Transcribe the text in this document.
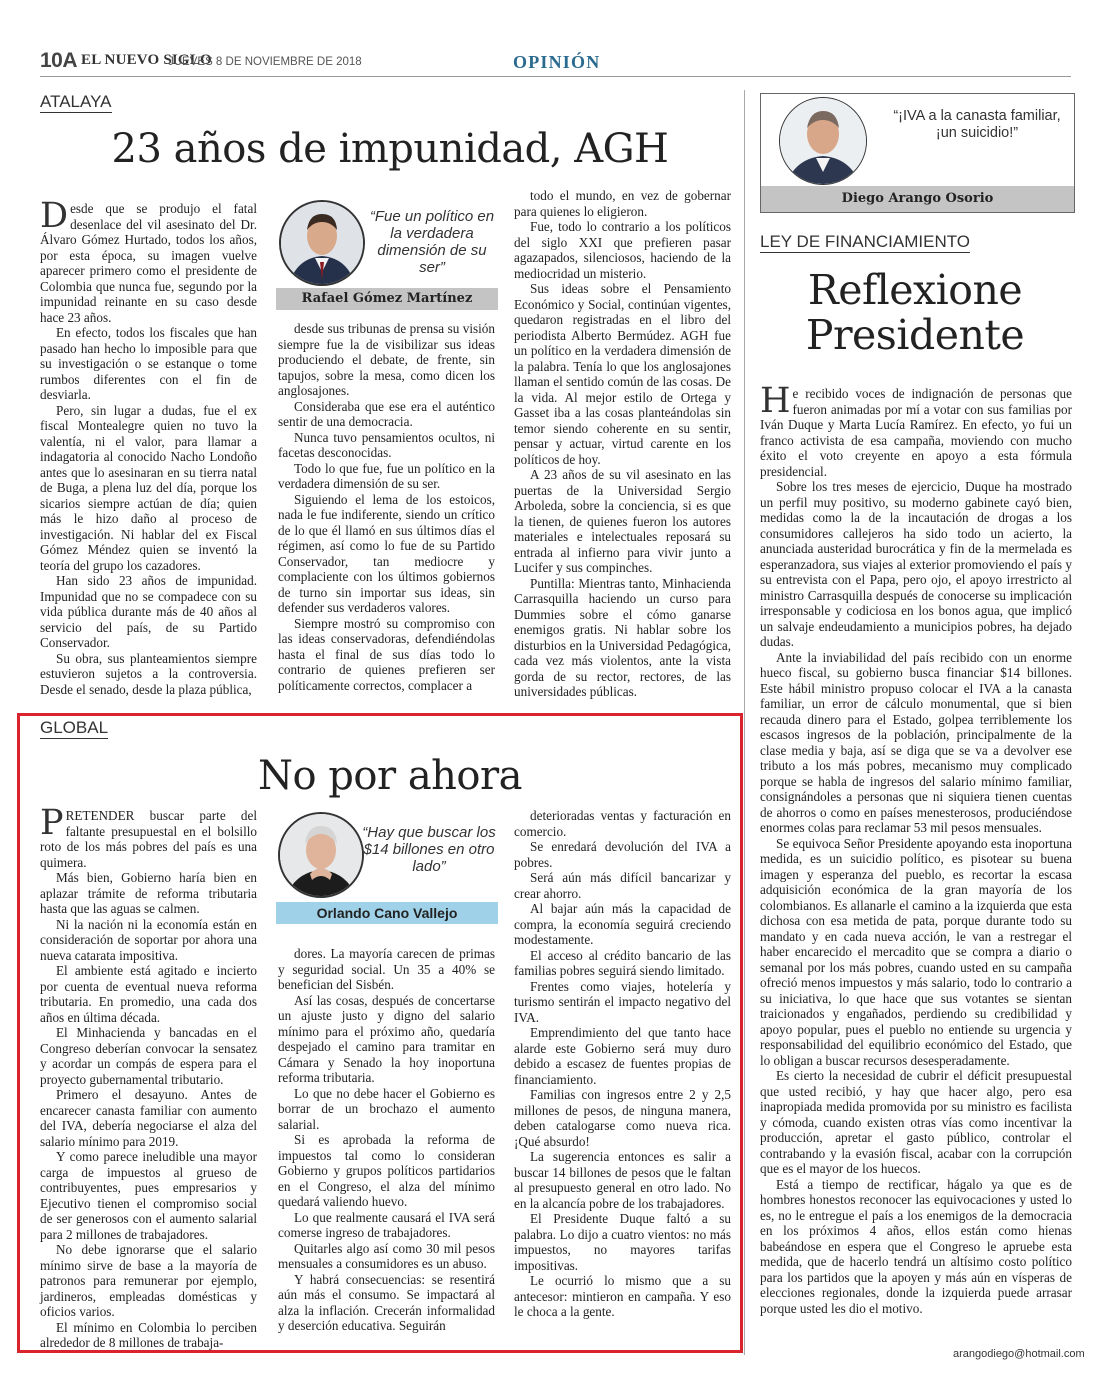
10A EL NUEVO SIGLO
JUEVES 8 DE NOVIEMBRE DE 2018	OPINIÓN
ATALAYA
23 años de impunidad, AGH

Desde que se produjo el fatal desenlace del vil asesinato del Dr. Álvaro Gómez Hurtado, todos los años, por esta época, su imagen vuelve aparecer primero como el presidente de Colombia que nunca fue, segundo por la impunidad reinante en su caso desde hace 23 años.

En efecto, todos los fiscales que han pasado han hecho lo imposible para que su investigación o se estanque o tome rumbos diferentes con el fin de desviarla.

Pero, sin lugar a dudas, fue el ex fiscal Montealegre quien no tuvo la valentía, ni el valor, para llamar a indagatoria al conocido Nacho Londoño antes que lo asesinaran en su tierra natal de Buga, a plena luz del día, porque los sicarios siempre actúan de día; quien más le hizo daño al proceso de investigación. Ni hablar del ex Fiscal Gómez Méndez quien se inventó la teoría del grupo los cazadores.

Han sido 23 años de impunidad. Impunidad que no se compadece con su vida pública durante más de 40 años al servicio del país, de su Partido Conservador.

Su obra, sus planteamientos siempre estuvieron sujetos a la controversia. Desde el senado, desde la plaza pública,

“Fue un político en la verdadera dimensión de su ser”
Rafael Gómez Martínez

desde sus tribunas de prensa su visión siempre fue la de visibilizar sus ideas produciendo el debate, de frente, sin tapujos, sobre la mesa, como dicen los anglosajones.

Consideraba que ese era el auténtico sentir de una democracia.

Nunca tuvo pensamientos ocultos, ni facetas desconocidas.

Todo lo que fue, fue un político en la verdadera dimensión de su ser.

Siguiendo el lema de los estoicos, nada le fue indiferente, siendo un crítico de lo que él llamó en sus últimos días el régimen, así como lo fue de su Partido Conservador, tan mediocre y complaciente con los últimos gobiernos de turno sin importar sus ideas, sin defender sus verdaderos valores.

Siempre mostró su compromiso con las ideas conservadoras, defendiéndolas hasta el final de sus días todo lo contrario de quienes prefieren ser políticamente correctos, complacer a

todo el mundo, en vez de gobernar para quienes lo eligieron.

Fue, todo lo contrario a los políticos del siglo XXI que prefieren pasar agazapados, silenciosos, haciendo de la mediocridad un misterio.

Sus ideas sobre el Pensamiento Económico y Social, continúan vigentes, quedaron registradas en el libro del periodista Alberto Bermúdez. AGH fue un político en la verdadera dimensión de la palabra. Tenía lo que los anglosajones llaman el sentido común de las cosas. De la vida. Al mejor estilo de Ortega y Gasset iba a las cosas planteándolas sin temor siendo coherente en su sentir, pensar y actuar, virtud carente en los políticos de hoy.

A 23 años de su vil asesinato en las puertas de la Universidad Sergio Arboleda, sobre la conciencia, si es que la tienen, de quienes fueron los autores materiales e intelectuales reposará su entrada al infierno para vivir junto a Lucifer y sus compinches.

Puntilla: Mientras tanto, Minhacienda Carrasquilla haciendo un curso para Dummies sobre el cómo ganarse enemigos gratis. Ni hablar sobre los disturbios en la Universidad Pedagógica, cada vez más violentos, ante la vista gorda de su rector, rectores, de las universidades públicas.

“¡IVA a la canasta familiar, ¡un suicidio!”
Diego Arango Osorio
LEY DE FINANCIAMIENTO
Reflexione
Presidente

He recibido voces de indignación de personas que fueron animadas por mí a votar con sus familias por Iván Duque y Marta Lucía Ramírez. En efecto, yo fui un franco activista de esa campaña, moviendo con mucho éxito el voto creyente en apoyo a esta fórmula presidencial.

Sobre los tres meses de ejercicio, Duque ha mostrado un perfil muy positivo, su moderno gabinete cayó bien, medidas como la de la incautación de drogas a los consumidores callejeros ha sido todo un acierto, la anunciada austeridad burocrática y fin de la mermelada es esperanzadora, sus viajes al exterior promoviendo el país y su entrevista con el Papa, pero ojo, el apoyo irrestricto al ministro Carrasquilla después de conocerse su implicación irresponsable y codiciosa en los bonos agua, que implicó un salvaje endeudamiento a municipios pobres, ha dejado dudas.

Ante la inviabilidad del país recibido con un enorme hueco fiscal, su gobierno busca financiar $14 billones. Este hábil ministro propuso colocar el IVA a la canasta familiar, un error de cálculo monumental, que si bien recauda dinero para el Estado, golpea terriblemente los escasos ingresos de la población, principalmente de la clase media y baja, así se diga que se va a devolver ese tributo a los más pobres, mecanismo muy complicado porque se habla de ingresos del salario mínimo familiar, consignándoles a personas que ni siquiera tienen cuentas de ahorros o como en países menesterosos, produciéndose enormes colas para reclamar 53 mil pesos mensuales.

Se equivoca Señor Presidente apoyando esta inoportuna medida, es un suicidio político, es pisotear su buena imagen y esperanza del pueblo, es recortar la escasa adquisición económica de la gran mayoría de los colombianos. Es allanarle el camino a la izquierda que esta dichosa con esa metida de pata, porque durante todo su mandato y en cada nueva acción, le van a restregar el haber encarecido el mercadito que se compra a diario o semanal por los más pobres, cuando usted en su campaña ofreció menos impuestos y más salario, todo lo contrario a su iniciativa, lo que hace que sus votantes se sientan traicionados y engañados, perdiendo su credibilidad y apoyo popular, pues el pueblo no entiende su urgencia y responsabilidad del equilibrio económico del Estado, que lo obligan a buscar recursos desesperadamente.

Es cierto la necesidad de cubrir el déficit presupuestal que usted recibió, y hay que hacer algo, pero esa inapropiada medida promovida por su ministro es facilista y cómoda, cuando existen otras vías como incentivar la producción, apretar el gasto público, controlar el contrabando y la evasión fiscal, acabar con la corrupción que es el mayor de los huecos.

Está a tiempo de rectificar, hágalo ya que es de hombres honestos reconocer las equivocaciones y usted lo es, no le entregue el país a los enemigos de la democracia en los próximos 4 años, ellos están como hienas babeándose en espera que el Congreso le apruebe esta medida, que de hacerlo tendrá un altísimo costo político para los partidos que la apoyen y más aún en vísperas de elecciones regionales, donde la izquierda puede arrasar porque usted les dio el motivo.

arangodiego@hotmail.com
GLOBAL
No por ahora

PRETENDER buscar parte del faltante presupuestal en el bolsillo roto de los más pobres del país es una quimera.

Más bien, Gobierno haría bien en aplazar trámite de reforma tributaria hasta que las aguas se calmen.

Ni la nación ni la economía están en consideración de soportar por ahora una nueva catarata impositiva.

El ambiente está agitado e incierto por cuenta de eventual nueva reforma tributaria. En promedio, una cada dos años en última década.

El Minhacienda y bancadas en el Congreso deberían convocar la sensatez y acordar un compás de espera para el proyecto gubernamental tributario.

Primero el desayuno. Antes de encarecer canasta familiar con aumento del IVA, debería negociarse el alza del salario mínimo para 2019.

Y como parece ineludible una mayor carga de impuestos al grueso de contribuyentes, pues empresarios y Ejecutivo tienen el compromiso social de ser generosos con el aumento salarial para 2 millones de trabajadores.

No debe ignorarse que el salario mínimo sirve de base a la mayoría de patronos para remunerar por ejemplo, jardineros, empleadas domésticas y oficios varios.

El mínimo en Colombia lo perciben alrededor de 8 millones de trabaja-

“Hay que buscar los $14 billones en otro lado”
Orlando Cano Vallejo

dores. La mayoría carecen de primas y seguridad social. Un 35 a 40% se benefician del Sisbén.

Así las cosas, después de concertarse un ajuste justo y digno del salario mínimo para el próximo año, quedaría despejado el camino para tramitar en Cámara y Senado la hoy inoportuna reforma tributaria.

Lo que no debe hacer el Gobierno es borrar de un brochazo el aumento salarial.

Si es aprobada la reforma de impuestos tal como lo consideran Gobierno y grupos políticos partidarios en el Congreso, el alza del mínimo quedará valiendo huevo.

Lo que realmente causará el IVA será comerse ingreso de trabajadores.

Quitarles algo así como 30 mil pesos mensuales a consumidores es un abuso.

Y habrá consecuencias: se resentirá aún más el consumo. Se impactará al alza la inflación. Crecerán informalidad y deserción educativa. Seguirán

deterioradas ventas y facturación en comercio.

Se enredará devolución del IVA a pobres.

Será aún más difícil bancarizar y crear ahorro.

Al bajar aún más la capacidad de compra, la economía seguirá creciendo modestamente.

El acceso al crédito bancario de las familias pobres seguirá siendo limitado.

Frentes como viajes, hotelería y turismo sentirán el impacto negativo del IVA.

Emprendimiento del que tanto hace alarde este Gobierno será muy duro debido a escasez de fuentes propias de financiamiento.

Familias con ingresos entre 2 y 2,5 millones de pesos, de ninguna manera, deben catalogarse como nueva rica. ¡Qué absurdo!

La sugerencia entonces es salir a buscar 14 billones de pesos que le faltan al presupuesto general en otro lado. No en la alcancía pobre de los trabajadores.

El Presidente Duque faltó a su palabra. Lo dijo a cuatro vientos: no más impuestos, no mayores tarifas impositivas.

Le ocurrió lo mismo que a su antecesor: mintieron en campaña. Y eso le choca a la gente.
